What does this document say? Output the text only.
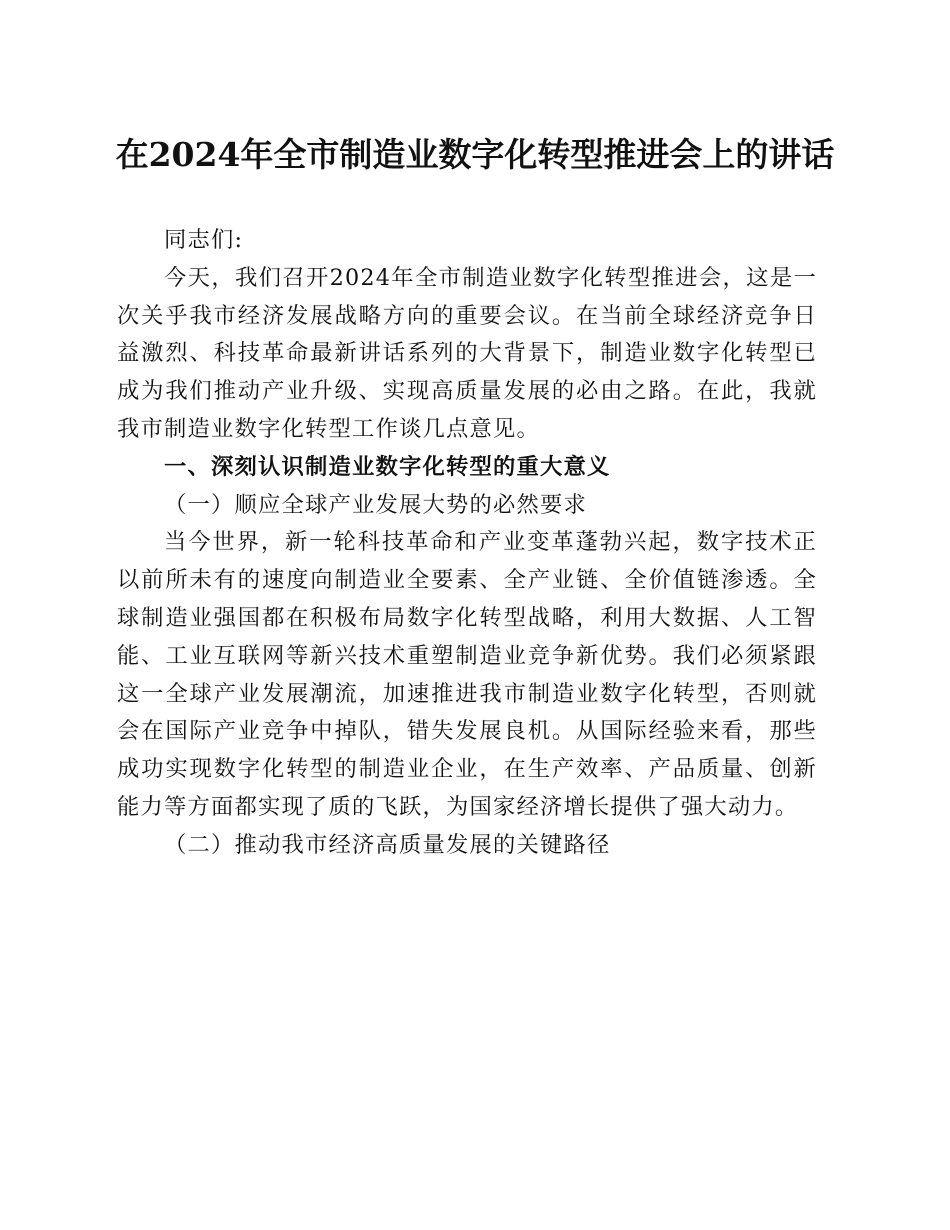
在2024年全市制造业数字化转型推进会上的讲话

同志们:

今天，我们召开2024年全市制造业数字化转型推进会，这是一次关乎我市经济发展战略方向的重要会议。在当前全球经济竞争日益激烈、科技革命最新讲话系列的大背景下，制造业数字化转型已成为我们推动产业升级、实现高质量发展的必由之路。在此，我就我市制造业数字化转型工作谈几点意见。

一、深刻认识制造业数字化转型的重大意义

（一）顺应全球产业发展大势的必然要求

当今世界，新一轮科技革命和产业变革蓬勃兴起，数字技术正以前所未有的速度向制造业全要素、全产业链、全价值链渗透。全球制造业强国都在积极布局数字化转型战略，利用大数据、人工智能、工业互联网等新兴技术重塑制造业竞争新优势。我们必须紧跟这一全球产业发展潮流，加速推进我市制造业数字化转型，否则就会在国际产业竞争中掉队，错失发展良机。从国际经验来看，那些成功实现数字化转型的制造业企业，在生产效率、产品质量、创新能力等方面都实现了质的飞跃，为国家经济增长提供了强大动力。

（二）推动我市经济高质量发展的关键路径
